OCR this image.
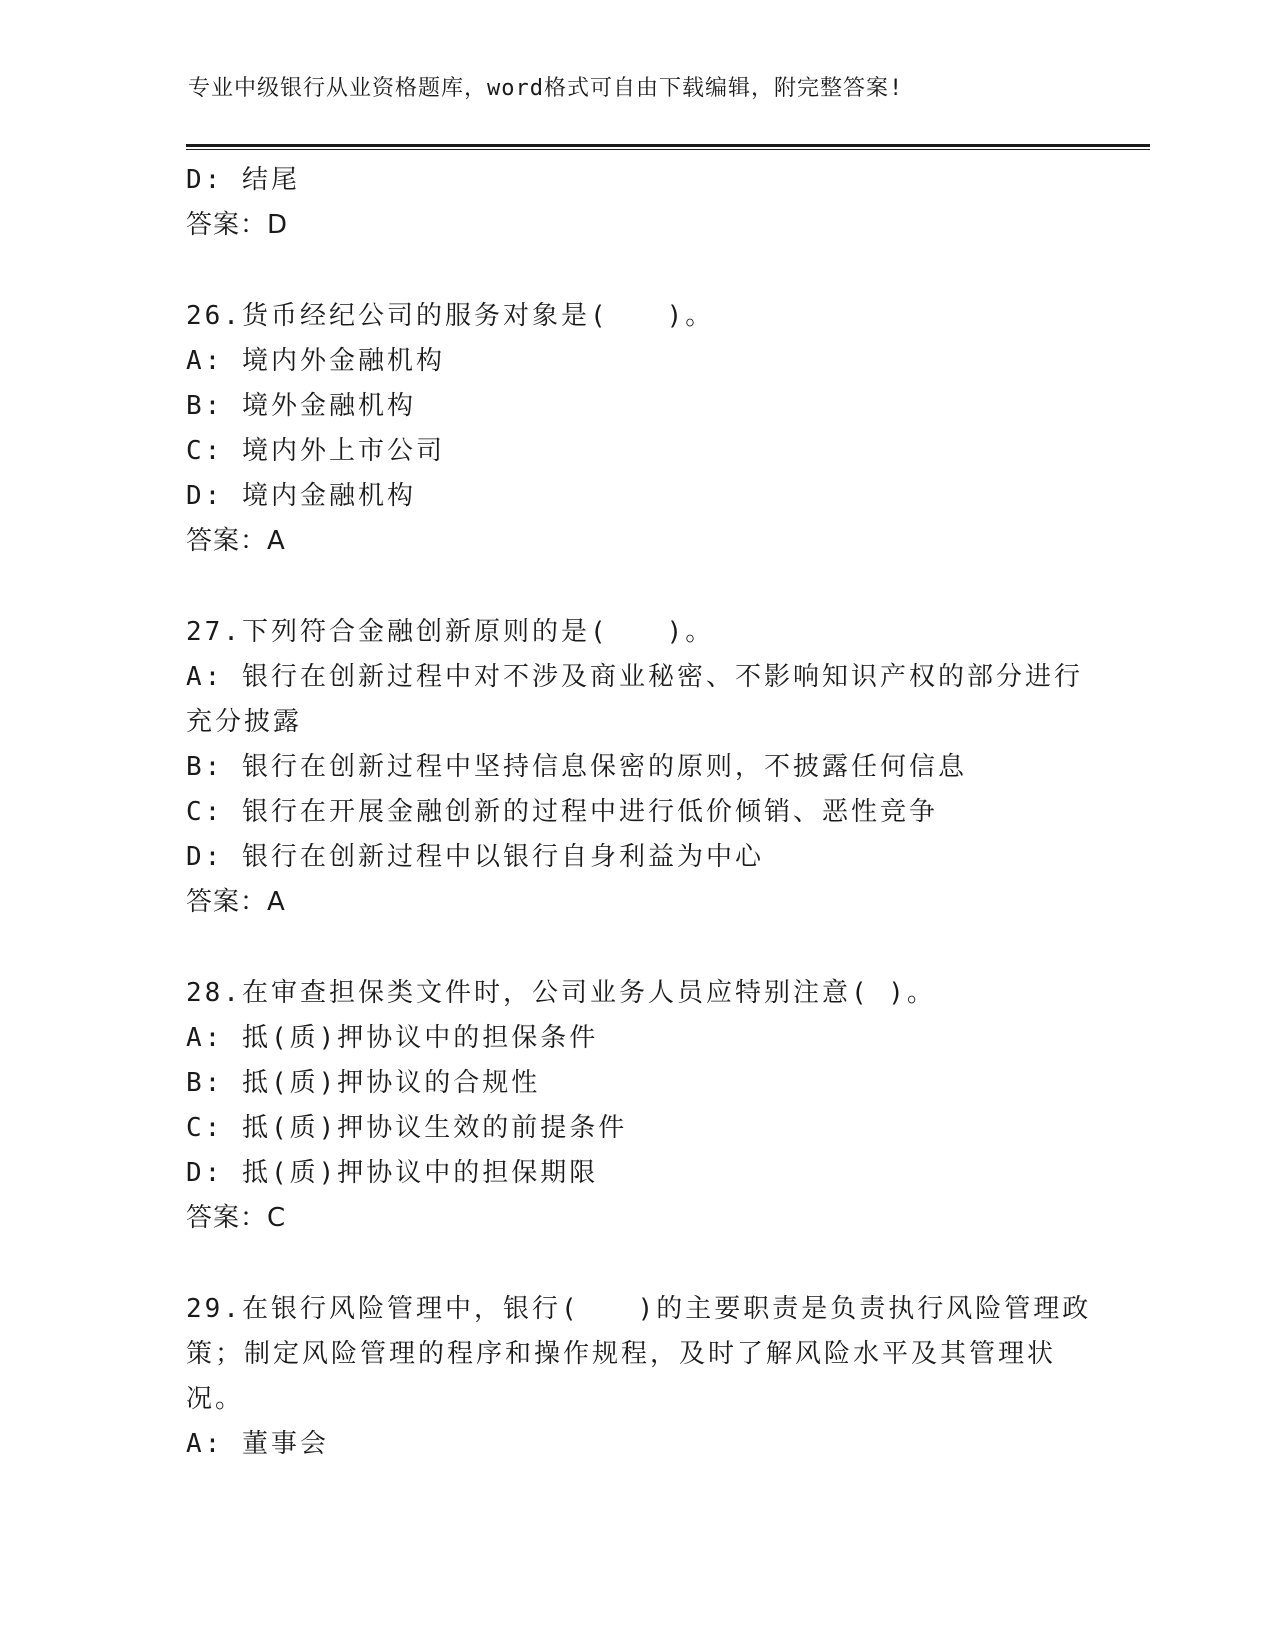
专业中级银行从业资格题库，word格式可自由下载编辑，附完整答案!
D: 结尾
答案：D
26.货币经纪公司的服务对象是(　　)。
A: 境内外金融机构
B: 境外金融机构
C: 境内外上市公司
D: 境内金融机构
答案：A
27.下列符合金融创新原则的是(　　)。
A: 银行在创新过程中对不涉及商业秘密、不影响知识产权的部分进行
充分披露
B: 银行在创新过程中坚持信息保密的原则，不披露任何信息
C: 银行在开展金融创新的过程中进行低价倾销、恶性竞争
D: 银行在创新过程中以银行自身利益为中心
答案：A
28.在审查担保类文件时，公司业务人员应特别注意( )。
A: 抵(质)押协议中的担保条件
B: 抵(质)押协议的合规性
C: 抵(质)押协议生效的前提条件
D: 抵(质)押协议中的担保期限
答案：C
29.在银行风险管理中，银行(　　)的主要职责是负责执行风险管理政
策；制定风险管理的程序和操作规程，及时了解风险水平及其管理状
况。
A: 董事会
